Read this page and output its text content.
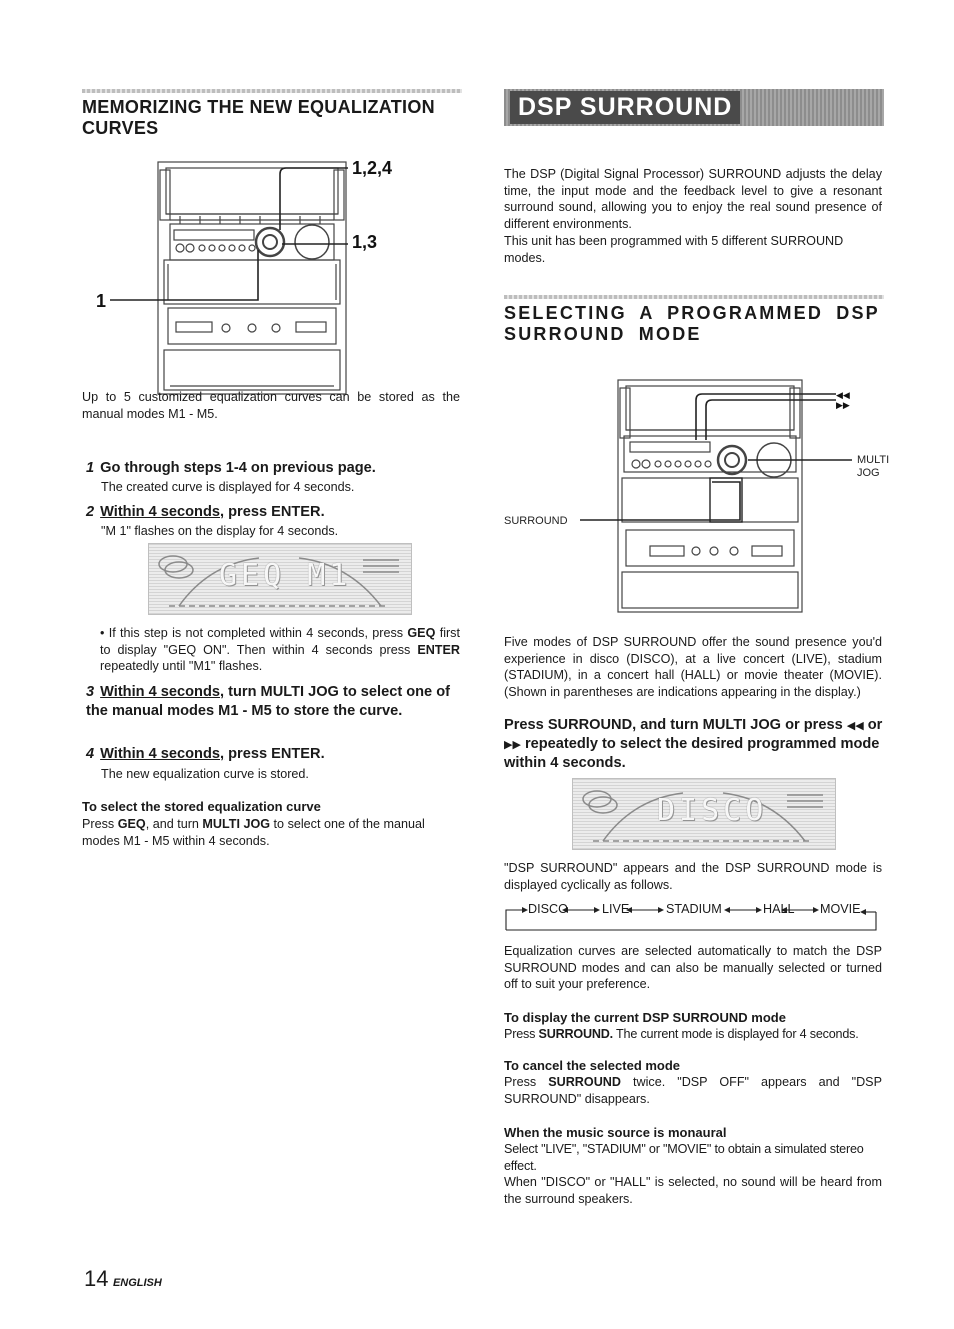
MEMORIZING THE NEW EQUALIZATION CURVES
1,2,4
1,3
1
Up to 5 customized equalization curves can be stored as the manual modes M1 - M5.
1 Go through steps 1-4 on previous page.
The created curve is displayed for 4 seconds.
2 Within 4 seconds, press ENTER.
"M 1" flashes on the display for 4 seconds.
GEQ M1
• If this step is not completed within 4 seconds, press GEQ first to display "GEQ ON". Then within 4 seconds press ENTER repeatedly until "M1" flashes.
3 Within 4 seconds, turn MULTI JOG to select one of the manual modes M1 - M5 to store the curve.
4 Within 4 seconds, press ENTER.
The new equalization curve is stored.
To select the stored equalization curve
Press GEQ, and turn MULTI JOG to select one of the manual modes M1 - M5 within 4 seconds.
DSP SURROUND
The DSP (Digital Signal Processor) SURROUND adjusts the delay time, the input mode and the feedback level to give a resonant surround sound, allowing you to enjoy the real sound presence of different environments.
This unit has been programmed with 5 different SURROUND modes.
SELECTING A PROGRAMMED DSP SURROUND MODE
◀◀
▶▶
MULTI
JOG
SURROUND
Five modes of DSP SURROUND offer the sound presence you'd experience in disco (DISCO), at a live concert (LIVE), stadium (STADIUM), in a concert hall (HALL) or movie theater (MOVIE). (Shown in parentheses are indications appearing in the display.)
Press SURROUND, and turn MULTI JOG or press ◀◀ or ▶▶ repeatedly to select the desired programmed mode within 4 seconds.
DISCO
"DSP SURROUND" appears and the DSP SURROUND mode is displayed cyclically as follows.
DISCO	LIVE	STADIUM	HALL MOVIE
Equalization curves are selected automatically to match the DSP SURROUND modes and can also be manually selected or turned off to suit your preference.
To display the current DSP SURROUND mode
Press SURROUND. The current mode is displayed for 4 seconds.
To cancel the selected mode
Press SURROUND twice. "DSP OFF" appears and "DSP SURROUND" disappears.
When the music source is monaural
Select "LIVE", "STADIUM" or "MOVIE" to obtain a simulated stereo effect.
When "DISCO" or "HALL" is selected, no sound will be heard from the surround speakers.
14 ENGLISH
